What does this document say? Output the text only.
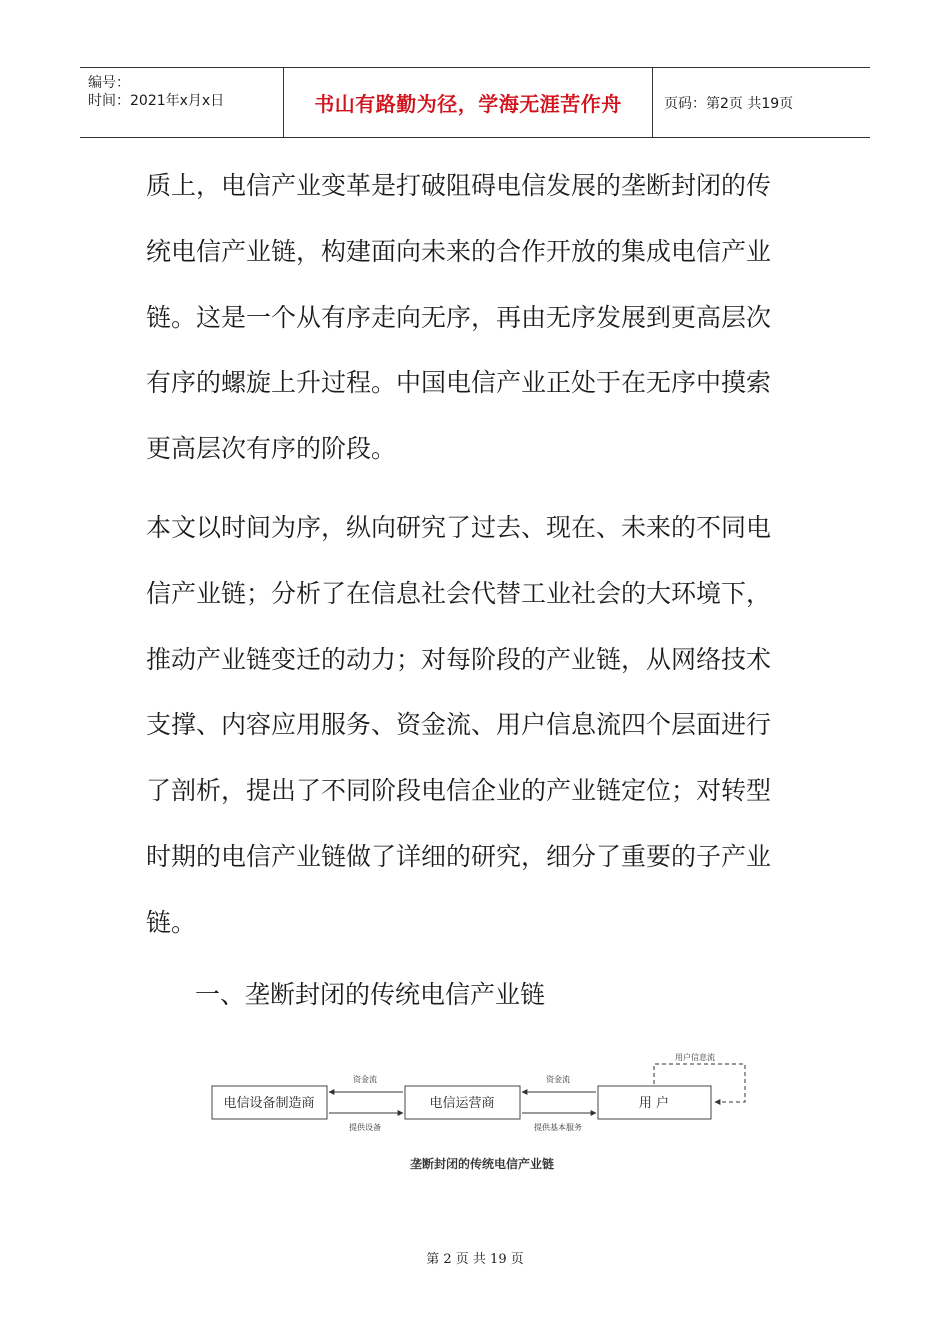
编号：
时间：2021年x月x日	书山有路勤为径，学海无涯苦作舟	页码：第2页 共19页
质上，电信产业变革是打破阻碍电信发展的垄断封闭的传
统电信产业链，构建面向未来的合作开放的集成电信产业
链。这是一个从有序走向无序，再由无序发展到更高层次
有序的螺旋上升过程。中国电信产业正处于在无序中摸索
更高层次有序的阶段。
本文以时间为序，纵向研究了过去、现在、未来的不同电
信产业链；分析了在信息社会代替工业社会的大环境下，
推动产业链变迁的动力；对每阶段的产业链，从网络技术
支撑、内容应用服务、资金流、用户信息流四个层面进行
了剖析，提出了不同阶段电信企业的产业链定位；对转型
时期的电信产业链做了详细的研究，细分了重要的子产业
链。
一、垄断封闭的传统电信产业链
电信设备制造商	电信运营商	用 户
资金流
提供设备
资金流
提供基本服务
用户信息流
垄断封闭的传统电信产业链
第 2 页 共 19 页
